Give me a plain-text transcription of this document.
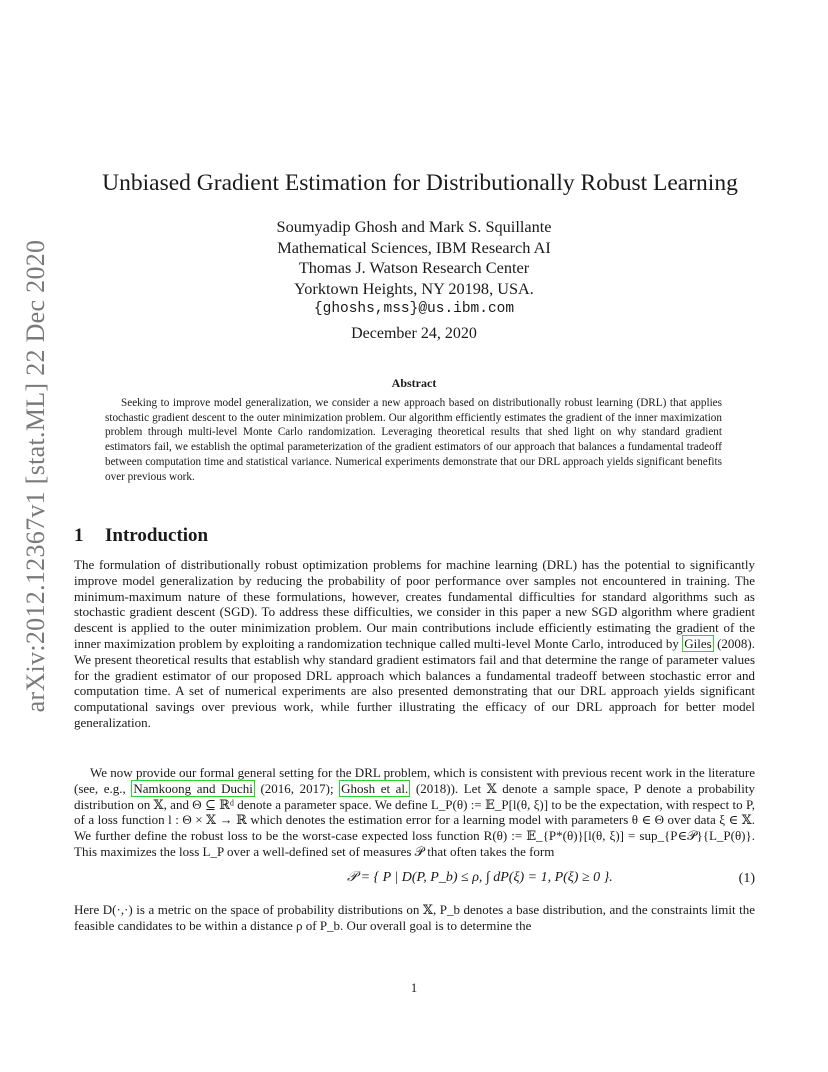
arXiv:2012.12367v1 [stat.ML] 22 Dec 2020
Unbiased Gradient Estimation for Distributionally Robust Learning
Soumyadip Ghosh and Mark S. Squillante
Mathematical Sciences, IBM Research AI
Thomas J. Watson Research Center
Yorktown Heights, NY 20198, USA.
{ghoshs,mss}@us.ibm.com
December 24, 2020
Abstract

Seeking to improve model generalization, we consider a new approach based on distributionally robust learning (DRL) that applies stochastic gradient descent to the outer minimization problem. Our algorithm efficiently estimates the gradient of the inner maximization problem through multi-level Monte Carlo randomization. Leveraging theoretical results that shed light on why standard gradient estimators fail, we establish the optimal parameterization of the gradient estimators of our approach that balances a fundamental tradeoff between computation time and statistical variance. Numerical experiments demonstrate that our DRL approach yields significant benefits over previous work.

1 Introduction

The formulation of distributionally robust optimization problems for machine learning (DRL) has the potential to significantly improve model generalization by reducing the probability of poor performance over samples not encountered in training. The minimum-maximum nature of these formulations, however, creates fundamental difficulties for standard algorithms such as stochastic gradient descent (SGD). To address these difficulties, we consider in this paper a new SGD algorithm where gradient descent is applied to the outer minimization problem. Our main contributions include efficiently estimating the gradient of the inner maximization problem by exploiting a randomization technique called multi-level Monte Carlo, introduced by Giles (2008). We present theoretical results that establish why standard gradient estimators fail and that determine the range of parameter values for the gradient estimator of our proposed DRL approach which balances a fundamental tradeoff between stochastic error and computation time. A set of numerical experiments are also presented demonstrating that our DRL approach yields significant computational savings over previous work, while further illustrating the efficacy of our DRL approach for better model generalization.

We now provide our formal general setting for the DRL problem, which is consistent with previous recent work in the literature (see, e.g., Namkoong and Duchi (2016, 2017); Ghosh et al. (2018)). Let 𝕏 denote a sample space, P denote a probability distribution on 𝕏, and Θ ⊆ ℝᵈ denote a parameter space. We define L_P(θ) := 𝔼_P[l(θ, ξ)] to be the expectation, with respect to P, of a loss function l : Θ × 𝕏 → ℝ which denotes the estimation error for a learning model with parameters θ ∈ Θ over data ξ ∈ 𝕏. We further define the robust loss to be the worst-case expected loss function R(θ) := 𝔼_{P*(θ)}[l(θ, ξ)] = sup_{P∈𝒫}{L_P(θ)}. This maximizes the loss L_P over a well-defined set of measures 𝒫 that often takes the form

𝒫 = { P | D(P, P_b) ≤ ρ, ∫ dP(ξ) = 1, P(ξ) ≥ 0 }.	(1)

Here D(·,·) is a metric on the space of probability distributions on 𝕏, P_b denotes a base distribution, and the constraints limit the feasible candidates to be within a distance ρ of P_b. Our overall goal is to determine the

1
